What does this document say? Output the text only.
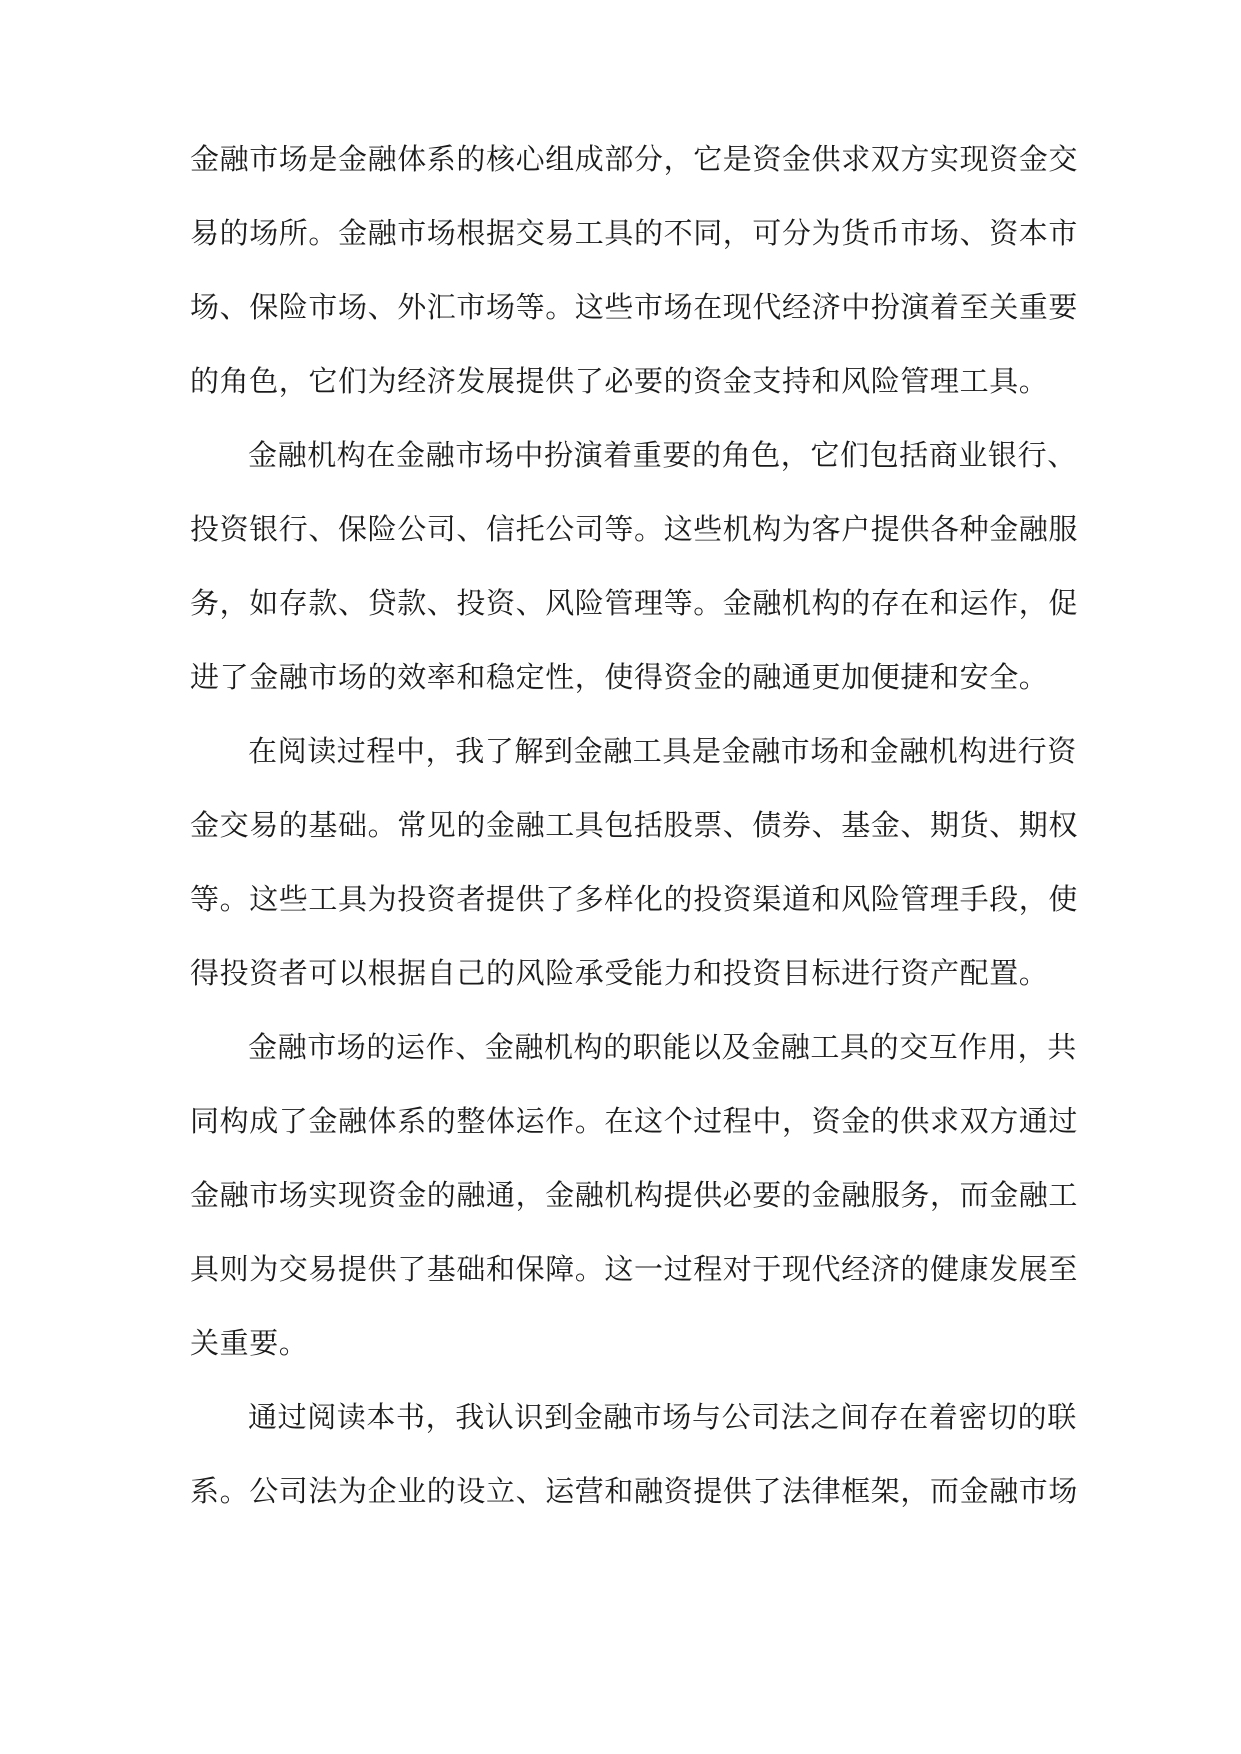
金融市场是金融体系的核心组成部分，它是资金供求双方实现资金交
易的场所。金融市场根据交易工具的不同，可分为货币市场、资本市
场、保险市场、外汇市场等。这些市场在现代经济中扮演着至关重要
的角色，它们为经济发展提供了必要的资金支持和风险管理工具。
金融机构在金融市场中扮演着重要的角色，它们包括商业银行、
投资银行、保险公司、信托公司等。这些机构为客户提供各种金融服
务，如存款、贷款、投资、风险管理等。金融机构的存在和运作，促
进了金融市场的效率和稳定性，使得资金的融通更加便捷和安全。
在阅读过程中，我了解到金融工具是金融市场和金融机构进行资
金交易的基础。常见的金融工具包括股票、债券、基金、期货、期权
等。这些工具为投资者提供了多样化的投资渠道和风险管理手段，使
得投资者可以根据自己的风险承受能力和投资目标进行资产配置。
金融市场的运作、金融机构的职能以及金融工具的交互作用，共
同构成了金融体系的整体运作。在这个过程中，资金的供求双方通过
金融市场实现资金的融通，金融机构提供必要的金融服务，而金融工
具则为交易提供了基础和保障。这一过程对于现代经济的健康发展至
关重要。
通过阅读本书，我认识到金融市场与公司法之间存在着密切的联
系。公司法为企业的设立、运营和融资提供了法律框架，而金融市场
